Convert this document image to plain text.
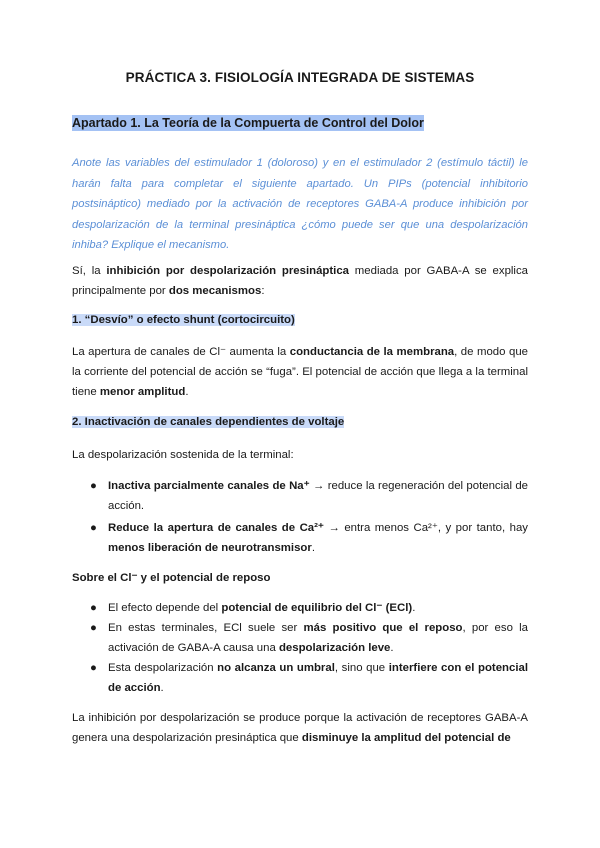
PRÁCTICA 3. FISIOLOGÍA INTEGRADA DE SISTEMAS
Apartado 1. La Teoría de la Compuerta de Control del Dolor
Anote las variables del estimulador 1 (doloroso) y en el estimulador 2 (estímulo táctil) le harán falta para completar el siguiente apartado. Un PIPs (potencial inhibitorio postsináptico) mediado por la activación de receptores GABA-A produce inhibición por despolarización de la terminal presináptica ¿cómo puede ser que una despolarización inhiba? Explique el mecanismo.
Sí, la inhibición por despolarización presináptica mediada por GABA-A se explica principalmente por dos mecanismos:
1. “Desvío” o efecto shunt (cortocircuito)
La apertura de canales de Cl⁻ aumenta la conductancia de la membrana, de modo que la corriente del potencial de acción se “fuga”. El potencial de acción que llega a la terminal tiene menor amplitud.
2. Inactivación de canales dependientes de voltaje
La despolarización sostenida de la terminal:
● Inactiva parcialmente canales de Na⁺ → reduce la regeneración del potencial de acción.
● Reduce la apertura de canales de Ca²⁺ → entra menos Ca²⁺, y por tanto, hay menos liberación de neurotransmisor.
Sobre el Cl⁻ y el potencial de reposo
● El efecto depende del potencial de equilibrio del Cl⁻ (ECl).
● En estas terminales, ECl suele ser más positivo que el reposo, por eso la activación de GABA-A causa una despolarización leve.
● Esta despolarización no alcanza un umbral, sino que interfiere con el potencial de acción.
La inhibición por despolarización se produce porque la activación de receptores GABA-A genera una despolarización presináptica que disminuye la amplitud del potencial de
